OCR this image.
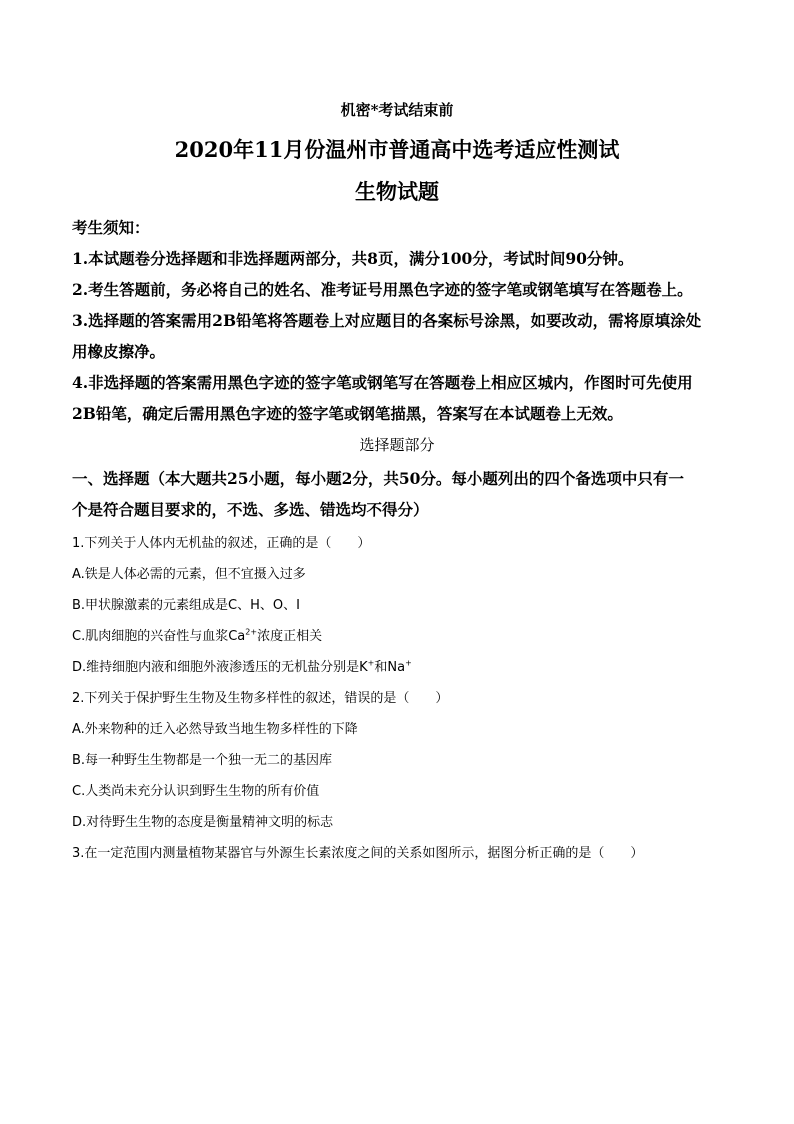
机密*考试结束前
2020年11月份温州市普通高中选考适应性测试
生物试题

考生须知：

1.本试题卷分选择题和非选择题两部分，共8页，满分100分，考试时间90分钟。

2.考生答题前，务必将自己的姓名、准考证号用黑色字迹的签字笔或钢笔填写在答题卷上。

3.选择题的答案需用2B铅笔将答题卷上对应题目的各案标号涂黑，如要改动，需将原填涂处

用橡皮擦净。

4.非选择题的答案需用黑色字迹的签字笔或钢笔写在答题卷上相应区城内，作图时可先使用

2B铅笔，确定后需用黑色字迹的签字笔或钢笔描黑，答案写在本试题卷上无效。

选择题部分

一、选择题（本大题共25小题，每小题2分，共50分。每小题列出的四个备选项中只有一

个是符合题目要求的，不选、多选、错选均不得分）

1.下列关于人体内无机盐的叙述，正确的是（　　）

A.铁是人体必需的元素，但不宜摄入过多

B.甲状腺激素的元素组成是C、H、O、I

C.肌肉细胞的兴奋性与血浆$Ca^{2+}$浓度正相关

D.维持细胞内液和细胞外液渗透压的无机盐分别是K+和Na+

2.下列关于保护野生生物及生物多样性的叙述，错误的是（　　）

A.外来物种的迁入必然导致当地生物多样性的下降

B.每一种野生生物都是一个独一无二的基因库

C.人类尚未充分认识到野生生物的所有价值

D.对待野生生物的态度是衡量精神文明的标志

3.在一定范围内测量植物某器官与外源生长素浓度之间的关系如图所示，据图分析正确的是（　　）
